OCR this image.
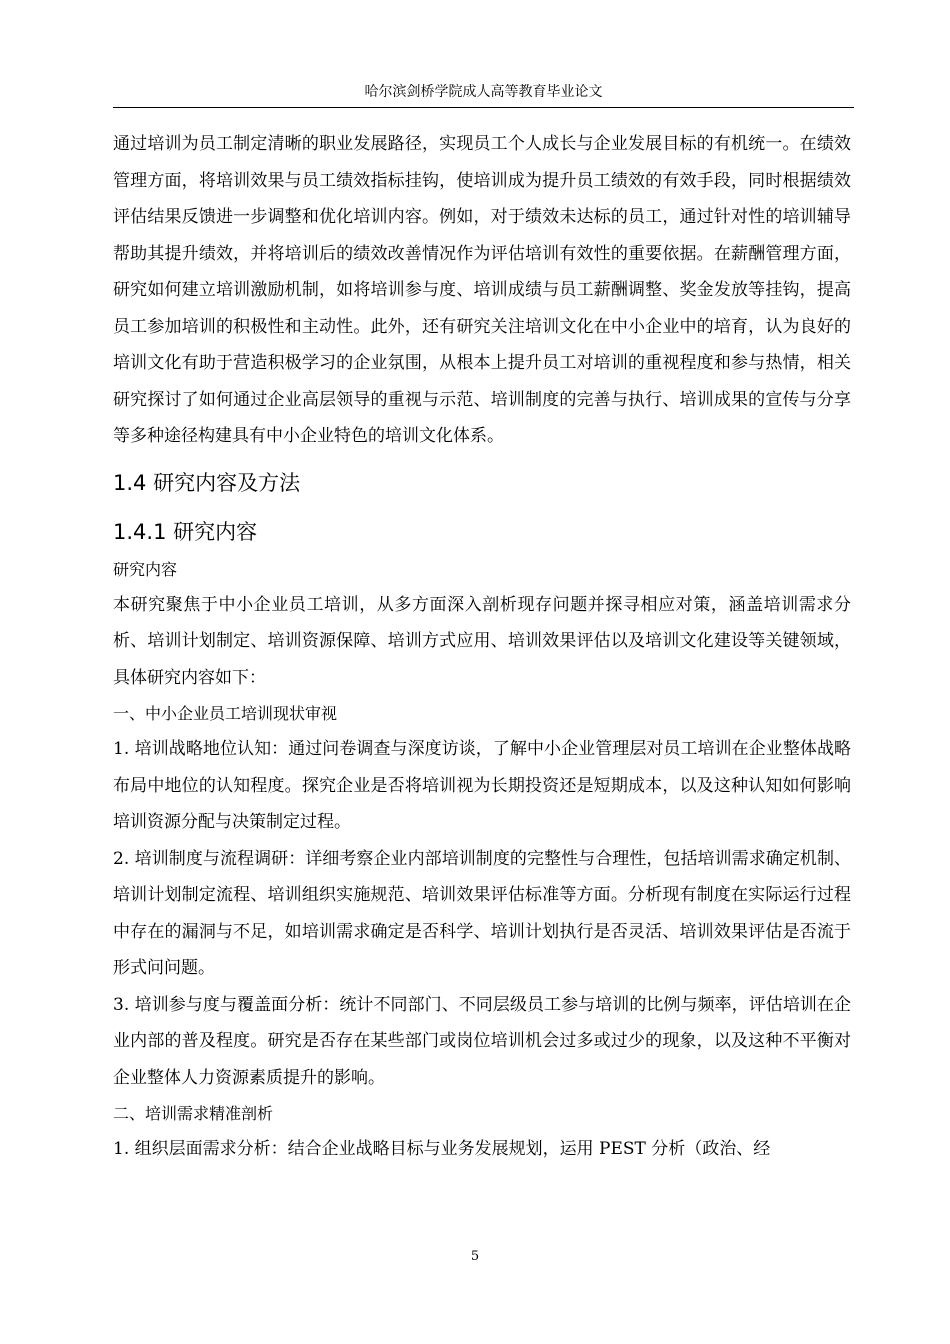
哈尔滨剑桥学院成人高等教育毕业论文

通过培训为员工制定清晰的职业发展路径，实现员工个人成长与企业发展目标的有机统一。在绩效管理方面，将培训效果与员工绩效指标挂钩，使培训成为提升员工绩效的有效手段，同时根据绩效评估结果反馈进一步调整和优化培训内容。例如，对于绩效未达标的员工，通过针对性的培训辅导帮助其提升绩效，并将培训后的绩效改善情况作为评估培训有效性的重要依据。在薪酬管理方面，研究如何建立培训激励机制，如将培训参与度、培训成绩与员工薪酬调整、奖金发放等挂钩，提高员工参加培训的积极性和主动性。此外，还有研究关注培训文化在中小企业中的培育，认为良好的培训文化有助于营造积极学习的企业氛围，从根本上提升员工对培训的重视程度和参与热情，相关研究探讨了如何通过企业高层领导的重视与示范、培训制度的完善与执行、培训成果的宣传与分享等多种途径构建具有中小企业特色的培训文化体系。

1.4 研究内容及方法
1.4.1 研究内容

研究内容

本研究聚焦于中小企业员工培训，从多方面深入剖析现存问题并探寻相应对策，涵盖培训需求分析、培训计划制定、培训资源保障、培训方式应用、培训效果评估以及培训文化建设等关键领域，具体研究内容如下：

一、中小企业员工培训现状审视

1. 培训战略地位认知：通过问卷调查与深度访谈，了解中小企业管理层对员工培训在企业整体战略布局中地位的认知程度。探究企业是否将培训视为长期投资还是短期成本，以及这种认知如何影响培训资源分配与决策制定过程。

2. 培训制度与流程调研：详细考察企业内部培训制度的完整性与合理性，包括培训需求确定机制、培训计划制定流程、培训组织实施规范、培训效果评估标准等方面。分析现有制度在实际运行过程中存在的漏洞与不足，如培训需求确定是否科学、培训计划执行是否灵活、培训效果评估是否流于形式问问题。

3. 培训参与度与覆盖面分析：统计不同部门、不同层级员工参与培训的比例与频率，评估培训在企业内部的普及程度。研究是否存在某些部门或岗位培训机会过多或过少的现象，以及这种不平衡对企业整体人力资源素质提升的影响。

二、培训需求精准剖析

1. 组织层面需求分析：结合企业战略目标与业务发展规划，运用 PEST 分析（政治、经

5
